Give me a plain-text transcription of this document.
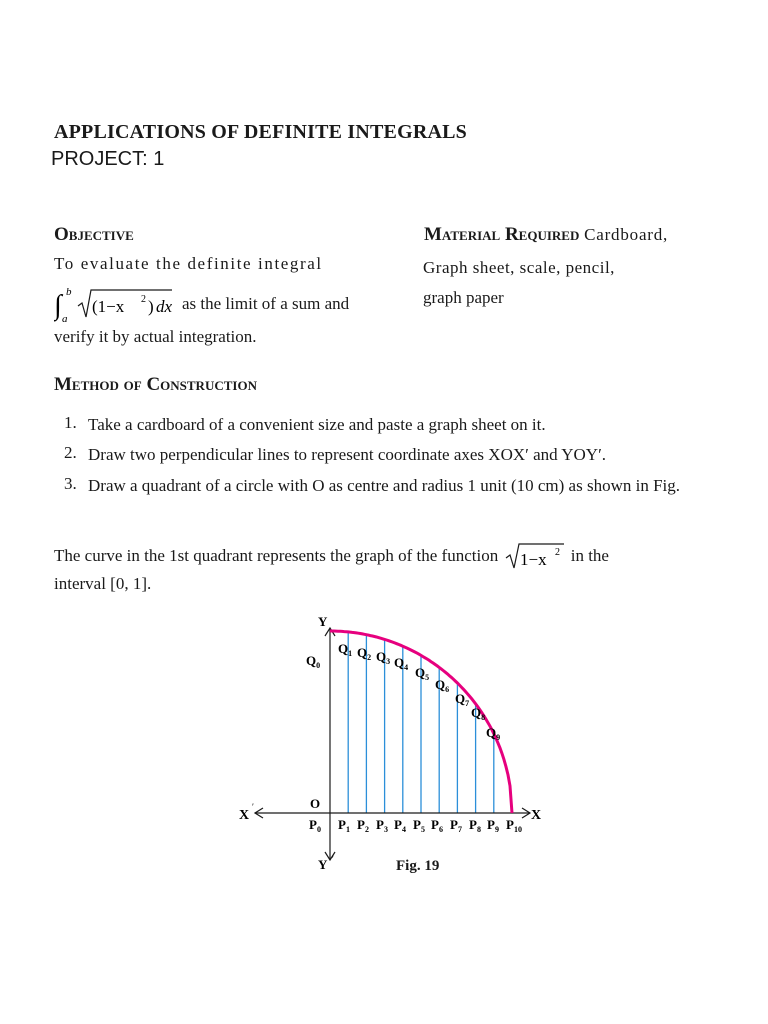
APPLICATIONS OF DEFINITE INTEGRALS
PROJECT: 1
Objective
To evaluate the definite integral
∫ b
a
(1−x 2 ) dx as the limit of a sum and
verify it by actual integration.
Material Required Cardboard,
Graph sheet, scale, pencil,
graph paper
Method of Construction
1. Take a cardboard of a convenient size and paste a graph sheet on it.
2. Draw two perpendicular lines to represent coordinate axes XOX′ and YOY′.
3. Draw a quadrant of a circle with O as centre and radius 1 unit (10 cm) as shown in Fig.
The curve in the 1st quadrant represents the graph of the function 1−x 2 in the
interval [0, 1].
Y
Y ′
X
′
X
O
$P_0$ $P_1$ $P_2$ $P_3$ $P_4$ $P_5$ $P_6$ $P_7$ $P_8$ $P_9$ $P_{10}$
$Q_0$
$Q_1$ $Q_2$ $Q_3$ $Q_4$ $Q_5$ $Q_6$
$Q_7$
$Q_8$
$Q_9$
Fig. 19
